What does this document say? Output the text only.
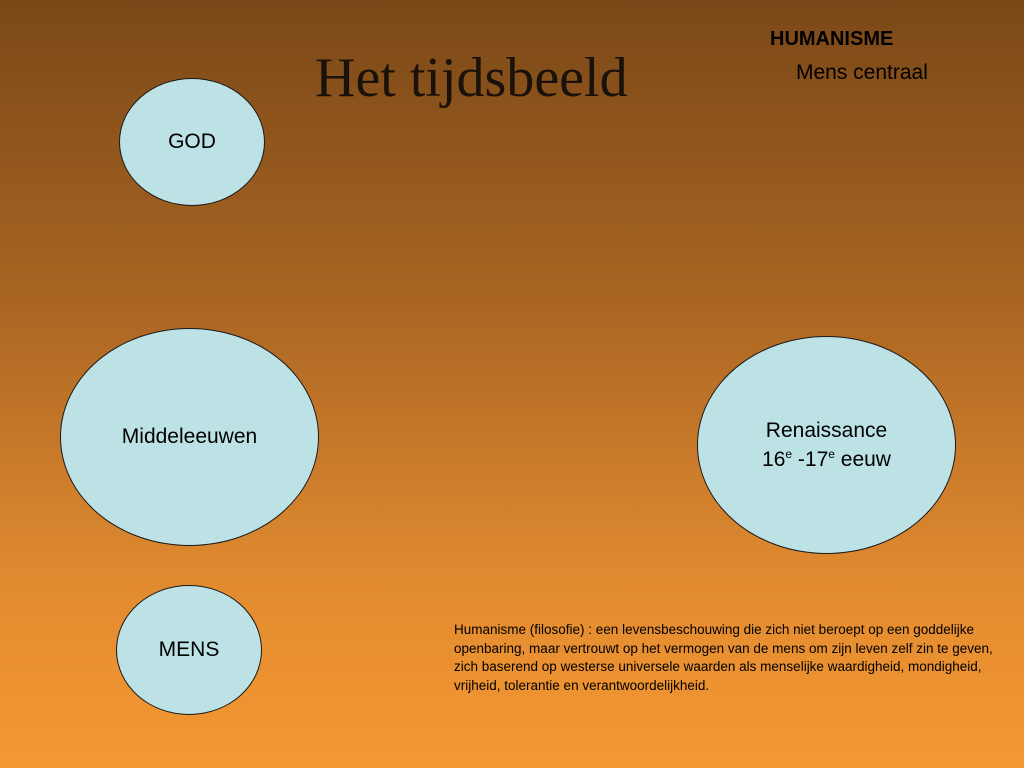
Het tijdsbeeld
HUMANISME
Mens centraal
GOD
Middeleeuwen
MENS
Renaissance
16e -17e eeuw
Humanisme (filosofie) : een levensbeschouwing die zich niet beroept op een goddelijke openbaring, maar vertrouwt op het vermogen van de mens om zijn leven zelf zin te geven, zich baserend op westerse universele waarden als menselijke waardigheid, mondigheid, vrijheid, tolerantie en verantwoordelijkheid.
